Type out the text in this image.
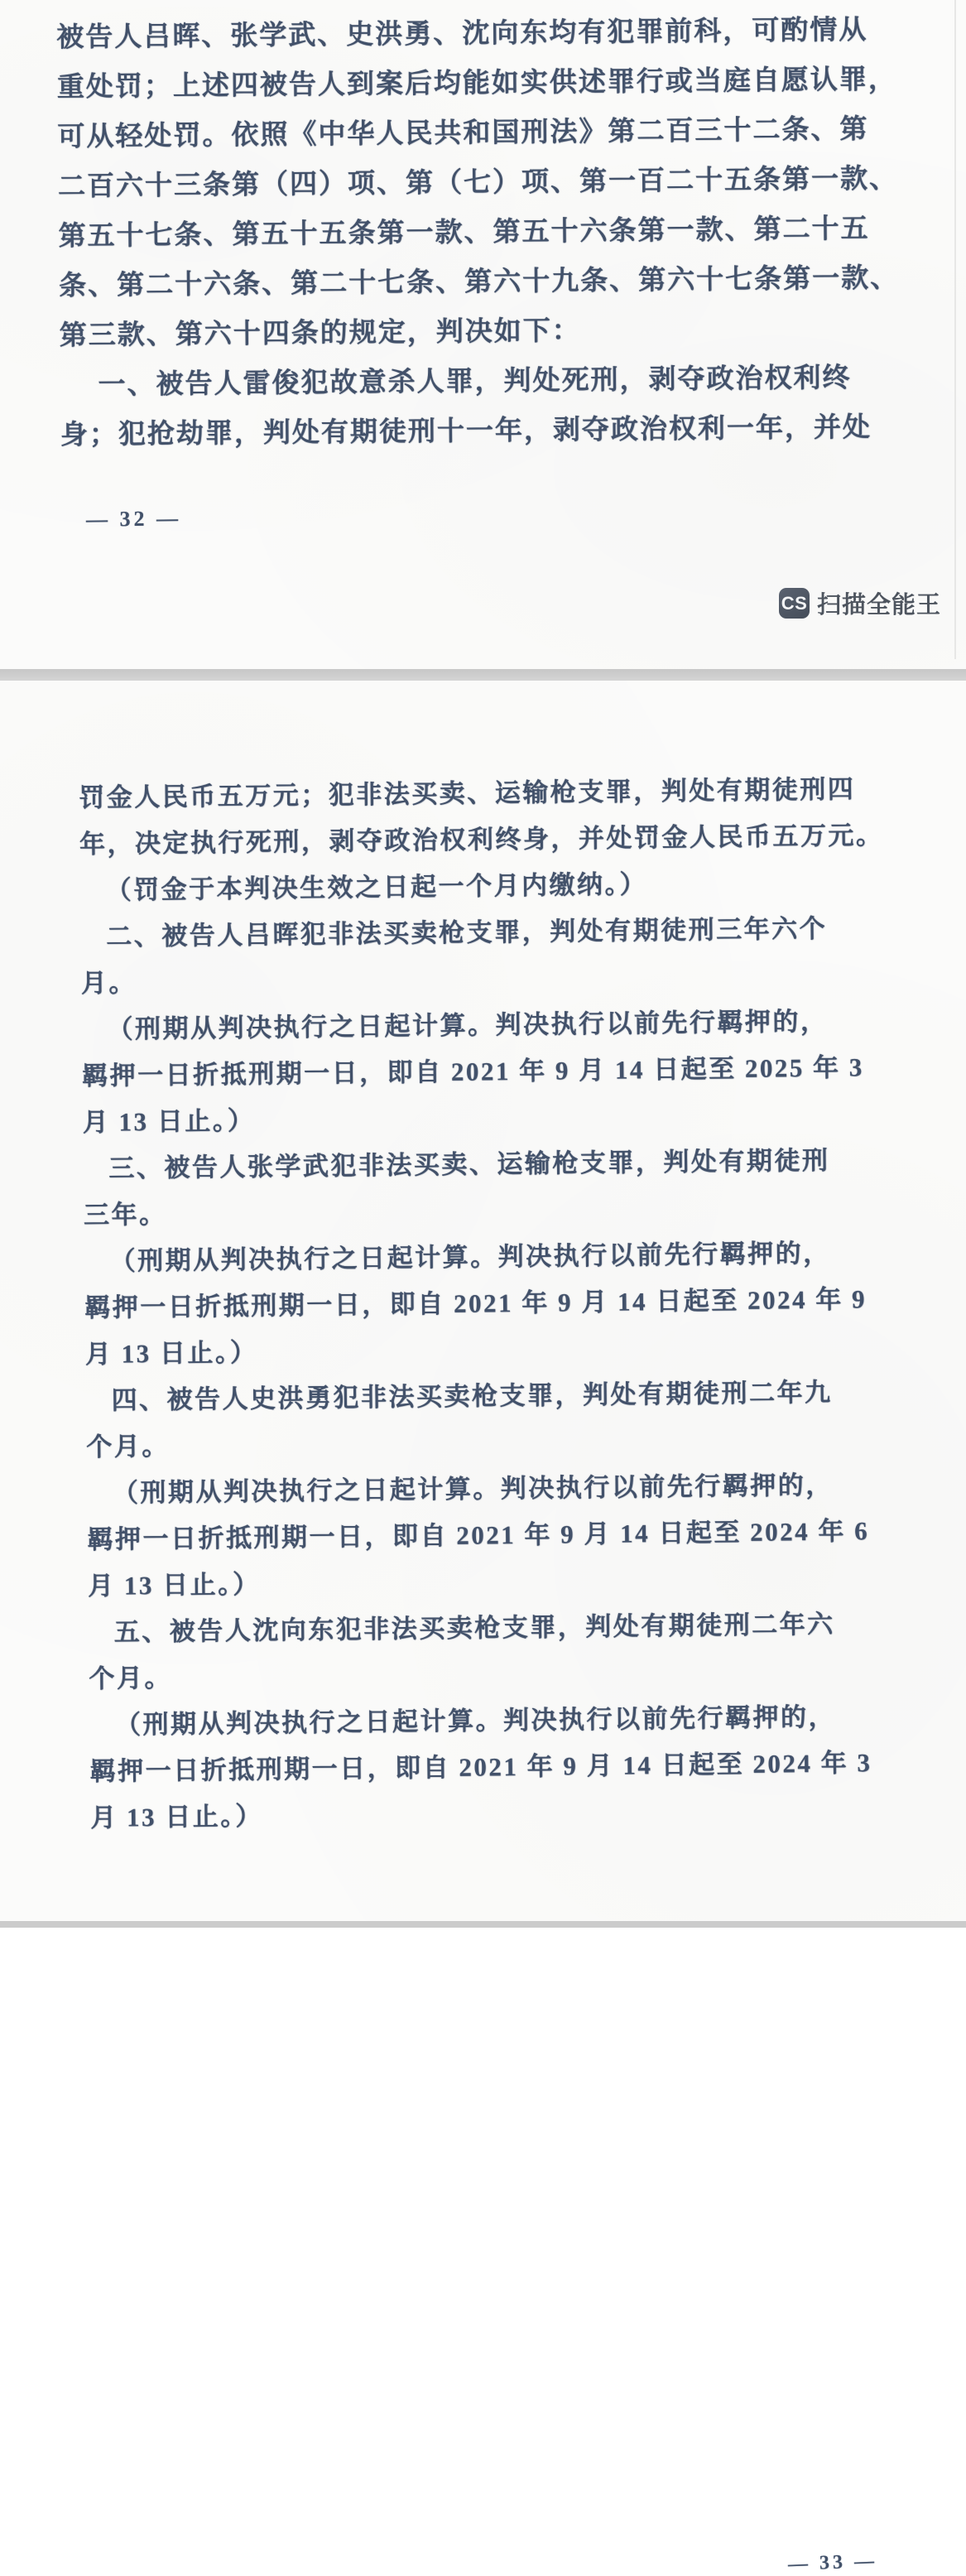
被告人吕晖、张学武、史洪勇、沈向东均有犯罪前科，可酌情从
重处罚；上述四被告人到案后均能如实供述罪行或当庭自愿认罪，
可从轻处罚。依照《中华人民共和国刑法》第二百三十二条、第
二百六十三条第（四）项、第（七）项、第一百二十五条第一款、
第五十七条、第五十五条第一款、第五十六条第一款、第二十五
条、第二十六条、第二十七条、第六十九条、第六十七条第一款、
第三款、第六十四条的规定，判决如下：
一、被告人雷俊犯故意杀人罪，判处死刑，剥夺政治权利终
身；犯抢劫罪，判处有期徒刑十一年，剥夺政治权利一年，并处
— 32 —
CS 扫描全能王
— 33 —
罚金人民币五万元；犯非法买卖、运输枪支罪，判处有期徒刑四
年，决定执行死刑，剥夺政治权利终身，并处罚金人民币五万元。
（罚金于本判决生效之日起一个月内缴纳。）
二、被告人吕晖犯非法买卖枪支罪，判处有期徒刑三年六个
月。
（刑期从判决执行之日起计算。判决执行以前先行羁押的，
羁押一日折抵刑期一日，即自 2021 年 9 月 14 日起至 2025 年 3
月 13 日止。）
三、被告人张学武犯非法买卖、运输枪支罪，判处有期徒刑
三年。
（刑期从判决执行之日起计算。判决执行以前先行羁押的，
羁押一日折抵刑期一日，即自 2021 年 9 月 14 日起至 2024 年 9
月 13 日止。）
四、被告人史洪勇犯非法买卖枪支罪，判处有期徒刑二年九
个月。
（刑期从判决执行之日起计算。判决执行以前先行羁押的，
羁押一日折抵刑期一日，即自 2021 年 9 月 14 日起至 2024 年 6
月 13 日止。）
五、被告人沈向东犯非法买卖枪支罪，判处有期徒刑二年六
个月。
（刑期从判决执行之日起计算。判决执行以前先行羁押的，
羁押一日折抵刑期一日，即自 2021 年 9 月 14 日起至 2024 年 3
月 13 日止。）
